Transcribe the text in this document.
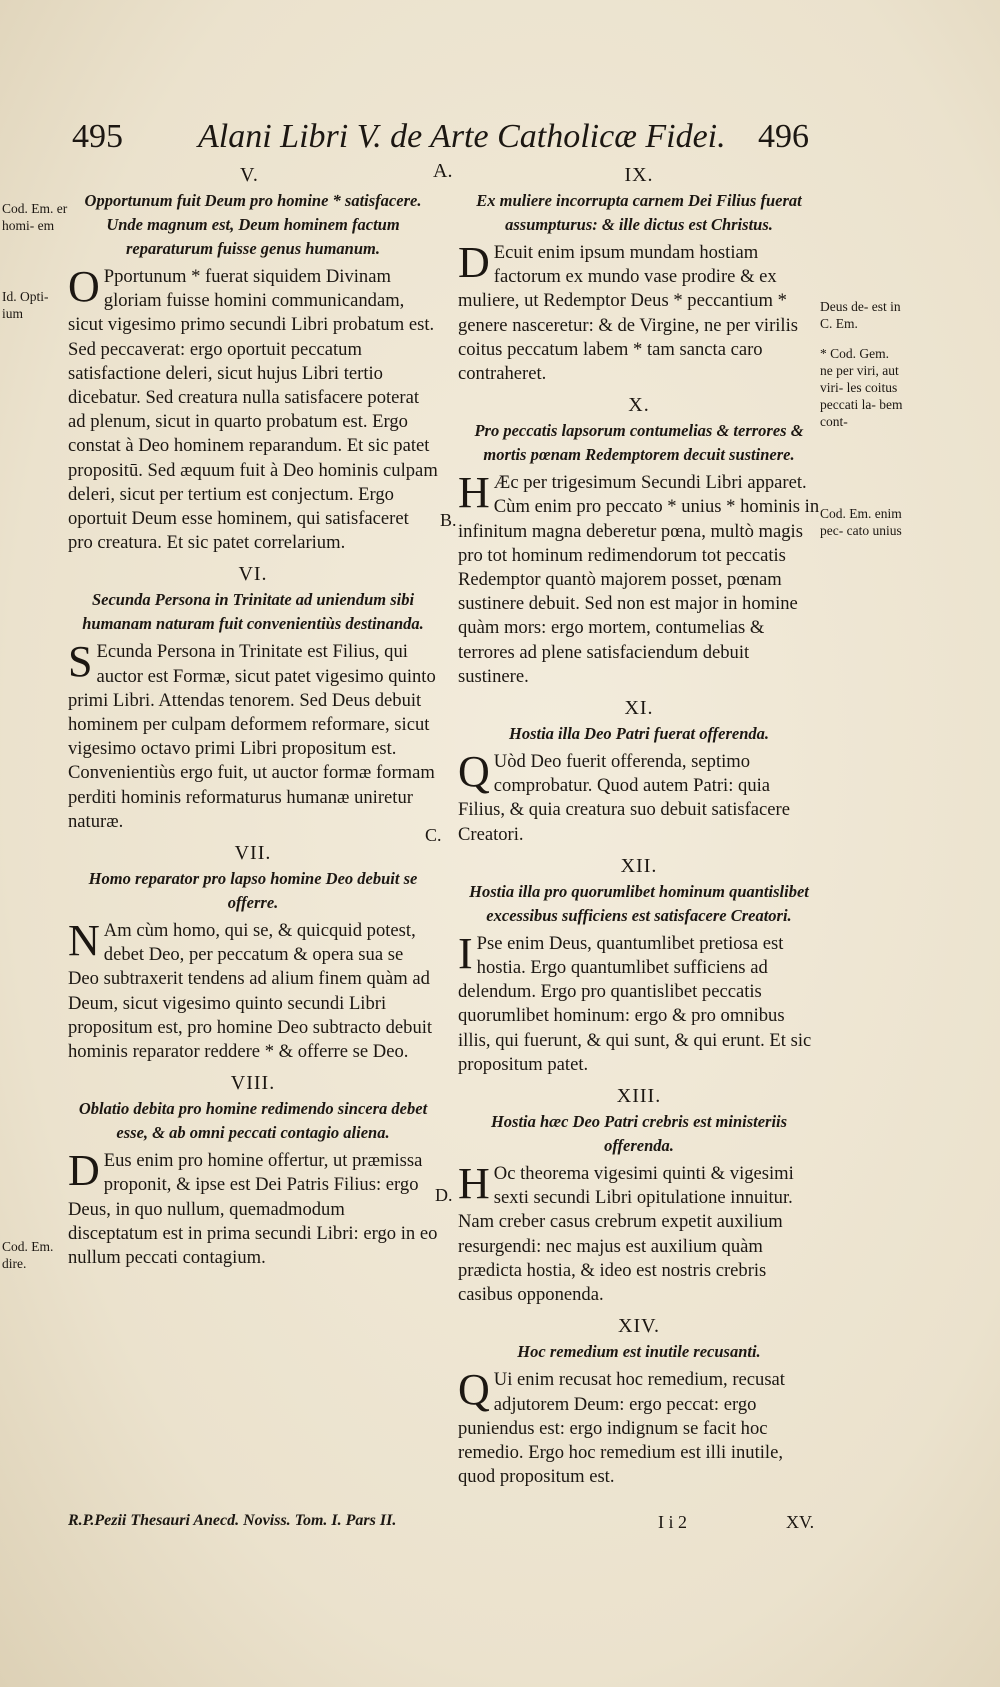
495 Alani Libri V. de Arte Catholicæ Fidei. 496
A.
V.
Opportunum fuit Deum pro homine * satisfacere. Unde magnum est, Deum hominem factum reparaturum fuisse genus humanum.
O Pportunum * fuerat siquidem Divinam gloriam fuisse homini communicandam, sicut vigesimo primo secundi Libri probatum est. Sed peccaverat: ergo oportuit peccatum satisfactione deleri, sicut hujus Libri tertio dicebatur. Sed creatura nulla satisfacere poterat ad plenum, sicut in quarto probatum est. Ergo constat à Deo hominem reparandum. Et sic patet propositū. Sed æquum fuit à Deo hominis culpam deleri, sicut per tertium est conjectum. Ergo oportuit Deum esse hominem, qui satisfaceret pro creatura. Et sic patet correlarium.
VI.
Secunda Persona in Trinitate ad uniendum sibi humanam naturam fuit convenientiùs destinanda.
S Ecunda Persona in Trinitate est Filius, qui auctor est Formæ, sicut patet vigesimo quinto primi Libri. Attendas tenorem. Sed Deus debuit hominem per culpam deformem reformare, sicut vigesimo octavo primi Libri propositum est. Convenientiùs ergo fuit, ut auctor formæ formam perditi hominis reformaturus humanæ uniretur naturæ.
VII.
Homo reparator pro lapso homine Deo debuit se offerre.
N Am cùm homo, qui se, & quicquid potest, debet Deo, per peccatum & opera sua se Deo subtraxerit tendens ad alium finem quàm ad Deum, sicut vigesimo quinto secundi Libri propositum est, pro homine Deo subtracto debuit hominis reparator reddere * & offerre se Deo.
VIII.
Oblatio debita pro homine redimendo sincera debet esse, & ab omni peccati contagio aliena.
D Eus enim pro homine offertur, ut præmissa proponit, & ipse est Dei Patris Filius: ergo Deus, in quo nullum, quemadmodum disceptatum est in prima secundi Libri: ergo in eo nullum peccati contagium.
IX.
Ex muliere incorrupta carnem Dei Filius fuerat assumpturus: & ille dictus est Christus.
D Ecuit enim ipsum mundam hostiam factorum ex mundo vase prodire & ex muliere, ut Redemptor Deus * peccantium * genere nasceretur: & de Virgine, ne per virilis coitus peccatum labem * tam sancta caro contraheret.
X.
Pro peccatis lapsorum contumelias & terrores & mortis pœnam Redemptorem decuit sustinere.
H Æc per trigesimum Secundi Libri apparet. Cùm enim pro peccato * unius * hominis in infinitum magna deberetur pœna, multò magis pro tot hominum redimendorum tot peccatis Redemptor quantò majorem posset, pœnam sustinere debuit. Sed non est major in homine quàm mors: ergo mortem, contumelias & terrores ad plene satisfaciendum debuit sustinere.
XI.
Hostia illa Deo Patri fuerat offerenda.
Q Uòd Deo fuerit offerenda, septimo comprobatur. Quod autem Patri: quia Filius, & quia creatura suo debuit satisfacere Creatori.
XII.
Hostia illa pro quorumlibet hominum quantislibet excessibus sufficiens est satisfacere Creatori.
I Pse enim Deus, quantumlibet pretiosa est hostia. Ergo quantumlibet sufficiens ad delendum. Ergo pro quantislibet peccatis quorumlibet hominum: ergo & pro omnibus illis, qui fuerunt, & qui sunt, & qui erunt. Et sic propositum patet.
XIII.
Hostia hæc Deo Patri crebris est ministeriis offerenda.
H Oc theorema vigesimi quinti & vigesimi sexti secundi Libri opitulatione innuitur. Nam creber casus crebrum expetit auxilium resurgendi: nec majus est auxilium quàm prædicta hostia, & ideo est nostris crebris casibus opponenda.
XIV.
Hoc remedium est inutile recusanti.
Q Ui enim recusat hoc remedium, recusat adjutorem Deum: ergo peccat: ergo puniendus est: ergo indignum se facit hoc remedio. Ergo hoc remedium est illi inutile, quod propositum est.
B.
C.
D.
Cod. Em. er homi- em
Id. Opti- ium
Cod. Em. dire.
Deus de- est in C. Em.
* Cod. Gem. ne per viri, aut viri- les coitus peccati la- bem cont-
Cod. Em. enim pec- cato unius
R.P.Pezii Thesauri Anecd. Noviss. Tom. I. Pars II.	I i 2	XV.
